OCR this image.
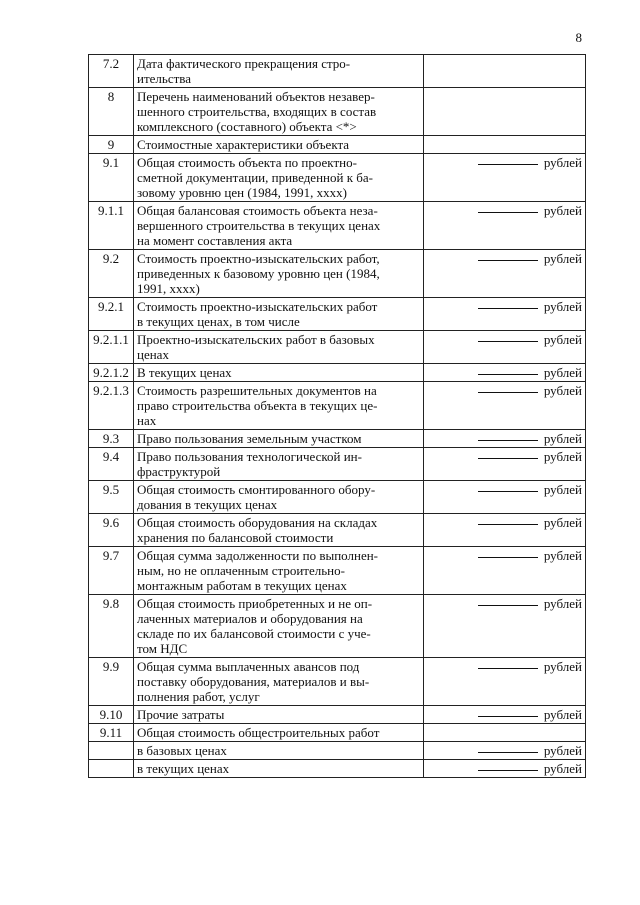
8
7.2	Дата фактического прекращения стро-
ительства	
8	Перечень наименований объектов незавер-
шенного строительства, входящих в состав
комплексного (составного) объекта <*>	
9	Стоимостные характеристики объекта	
9.1	Общая стоимость объекта по проектно-
сметной документации, приведенной к ба-
зовому уровню цен (1984, 1991, xxxx)	рублей
9.1.1	Общая балансовая стоимость объекта неза-
вершенного строительства в текущих ценах
на момент составления акта	рублей
9.2	Стоимость проектно-изыскательских работ,
приведенных к базовому уровню цен (1984,
1991, xxxx)	рублей
9.2.1	Стоимость проектно-изыскательских работ
в текущих ценах, в том числе	рублей
9.2.1.1	Проектно-изыскательских работ в базовых
ценах	рублей
9.2.1.2	В текущих ценах	рублей
9.2.1.3	Стоимость разрешительных документов на
право строительства объекта в текущих це-
нах	рублей
9.3	Право пользования земельным участком	рублей
9.4	Право пользования технологической ин-
фраструктурой	рублей
9.5	Общая стоимость смонтированного обору-
дования в текущих ценах	рублей
9.6	Общая стоимость оборудования на складах
хранения по балансовой стоимости	рублей
9.7	Общая сумма задолженности по выполнен-
ным, но не оплаченным строительно-
монтажным работам в текущих ценах	рублей
9.8	Общая стоимость приобретенных и не оп-
лаченных материалов и оборудования на
складе по их балансовой стоимости с уче-
том НДС	рублей
9.9	Общая сумма выплаченных авансов под
поставку оборудования, материалов и вы-
полнения работ, услуг	рублей
9.10	Прочие затраты	рублей
9.11	Общая стоимость общестроительных работ	
	в базовых ценах	рублей
	в текущих ценах	рублей
